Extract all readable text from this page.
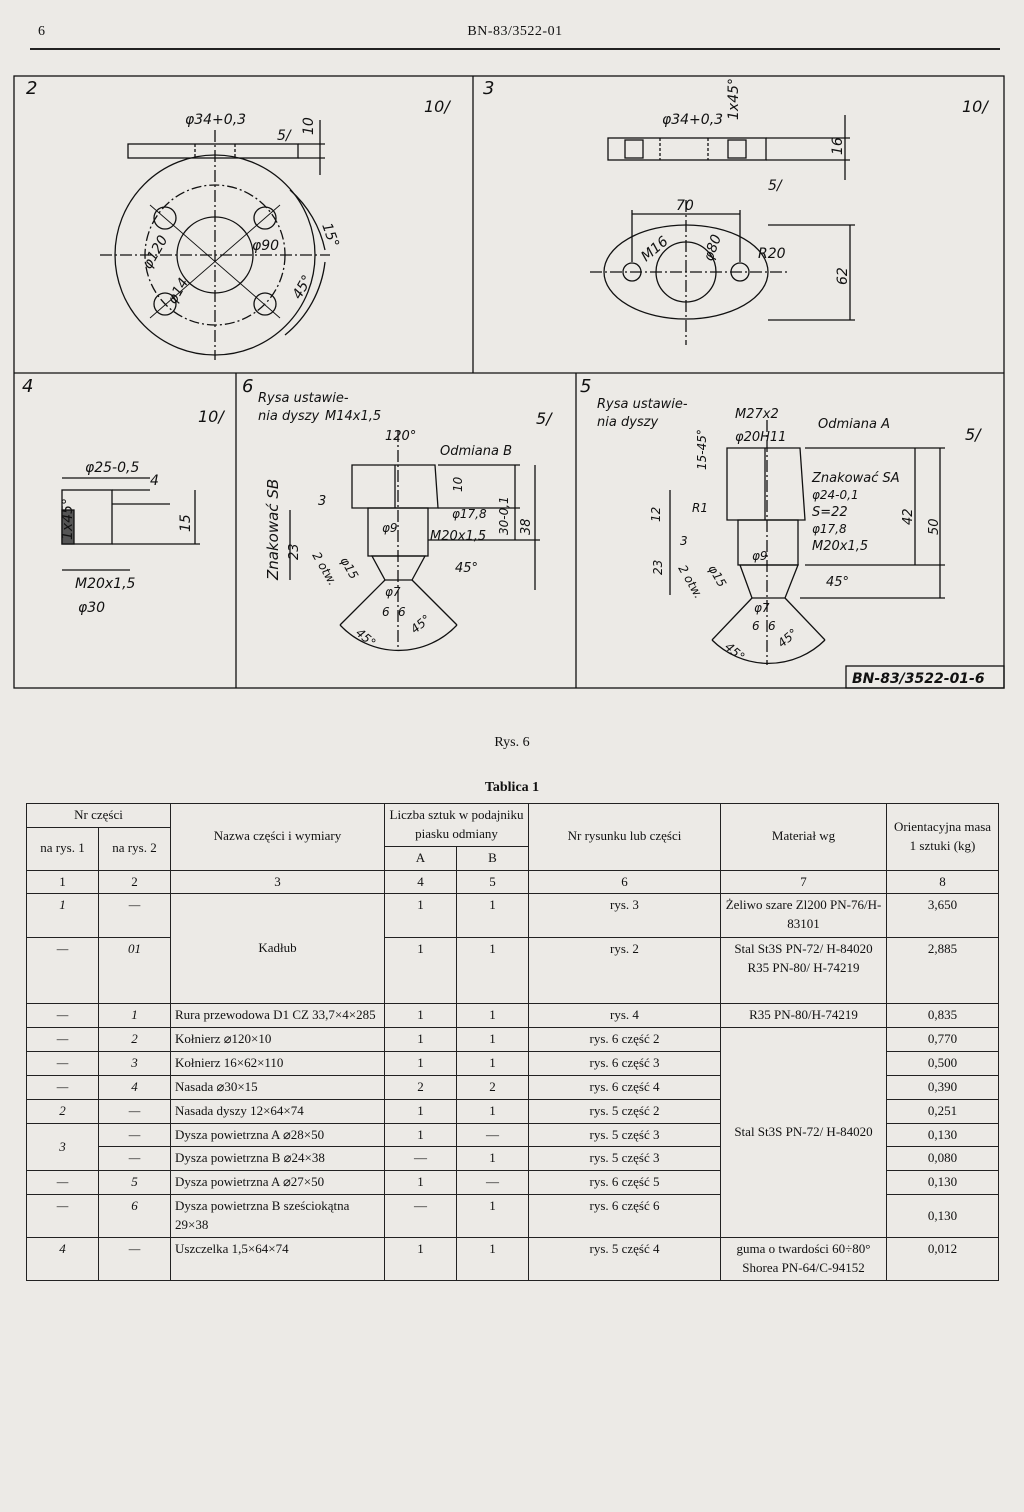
6	BN-83/3522-01
2
10/
φ34+0,3	10
5/
φ120	φ90
φ14
15°
45°
3
10/
φ34+0,3 1x45°
16
5/
70
M16	R20
φ80
62
4
10/
φ25-0,5
4
15
1x45°
M20x1,5
φ30
6
5/
Rysa ustawie-
nia dyszy M14x1,5
120°
Odmiana B
Znakować SB	3
23 2 otw.
φ15
φ7
6 6
45°
45°
φ9
φ17,8
M20x1,5
45°
10
30-0,1 38
5
5/
Rysa ustawie-
nia dyszy
M27x2
φ20H11
Odmiana A
Znakować SA
φ24-0,1
S=22
φ17,8
M20x1,5
45°
12 R1
3
23 2 otw. φ15
φ9
φ7
6 6
45°
45°
15-45°
42
50
BN-83/3522-01-6
Rys. 6
Tablica 1
Nr części		Nazwa części i wymiary	Liczba sztuk w podajniku piasku odmiany		Nr rysunku lub części	Materiał wg	Orientacyjna masa 1 sztuki (kg)
na rys. 1	na rys. 2						
			A	B			
1	2	3	4	5	6	7	8
1	—	Kadłub	1	1	rys. 3	Żeliwo szare Zl200 PN-76/H-83101	3,650
—	01		1	1	rys. 2	Stal St3S PN-72/ H-84020 R35 PN-80/ H-74219	2,885
—	1	Rura przewodowa D1 CZ 33,7×4×285	1	1	rys. 4	R35 PN-80/H-74219	0,835
—	2	Kołnierz ⌀120×10	1	1	rys. 6 część 2	Stal St3S PN-72/ H-84020	0,770
—	3	Kołnierz 16×62×110	1	1	rys. 6 część 3		0,500
—	4	Nasada ⌀30×15	2	2	rys. 6 część 4		0,390
2	—	Nasada dyszy 12×64×74	1	1	rys. 5 część 2		0,251
3	—	Dysza powietrzna A ⌀28×50	1	—	rys. 5 część 3		0,130
	—	Dysza powietrzna B ⌀24×38	—	1	rys. 5 część 3		0,080
—	5	Dysza powietrzna A ⌀27×50	1	—	rys. 6 część 5		0,130
—	6	Dysza powietrzna B sześciokątna 29×38	—	1	rys. 6 część 6		0,130
4	—	Uszczelka 1,5×64×74	1	1	rys. 5 część 4	guma o twardości 60÷80° Shorea PN-64/C-94152	0,012
